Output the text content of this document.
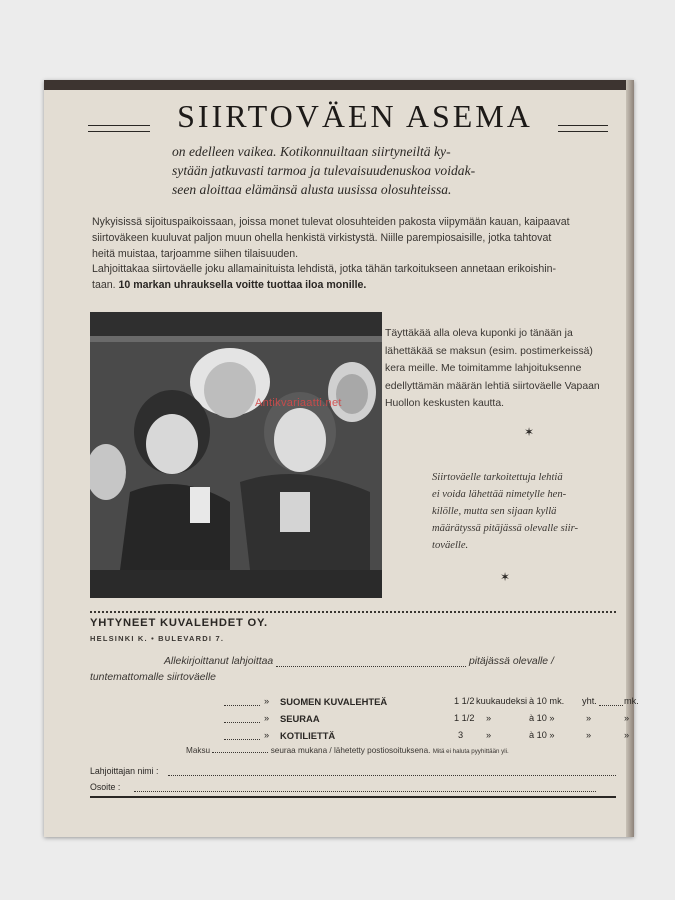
SIIRTOVÄEN ASEMA
on edelleen vaikea. Kotikonnuiltaan siirtyneiltä ky-
sytään jatkuvasti tarmoa ja tulevaisuudenuskoa voidak-
seen aloittaa elämänsä alusta uusissa olosuhteissa.
Nykyisissä sijoituspaikoissaan, joissa monet tulevat olosuhteiden pakosta viipymään kauan, kaipaavat
siirtoväkeen kuuluvat paljon muun ohella henkistä virkistystä. Niille parempiosaisille, jotka tahtovat
heitä muistaa, tarjoamme siihen tilaisuuden.
Lahjoittakaa siirtoväelle joku allamainituista lehdistä, jotka tähän tarkoitukseen annetaan erikoishin-
taan. 10 markan uhrauksella voitte tuottaa iloa monille.
Täyttäkää alla oleva kuponki jo tänään ja
lähettäkää se maksun (esim. postimerkeissä)
kera meille. Me toimitamme lahjoituksenne
edellyttämän määrän lehtiä siirtoväelle Vapaan
Huollon keskusten kautta.
✶
Siirtoväelle tarkoitettuja lehtiä
ei voida lähettää nimetylle hen-
kilölle, mutta sen sijaan kyllä
määrätyssä pitäjässä olevalle siir-
toväelle.
✶
YHTYNEET KUVALEHDET OY.
HELSINKI K. • BULEVARDI 7.
Allekirjoittanut lahjoittaa	pitäjässä olevalle /
tuntemattomalle siirtoväelle
» SUOMEN KUVALEHTEÄ	1 1/2 kuukaudeksi à 10 mk. yht.	mk.
» SEURAA	1 1/2 »	à 10 »	»	»
» KOTILIETTÄ	3 »	à 10 »	»	»
Maksu	seuraa mukana / lähetetty postiosoituksena. Mitä ei haluta pyyhittään yli.
Lahjoittajan nimi :
Osoite :
Antikvariaatti.net
